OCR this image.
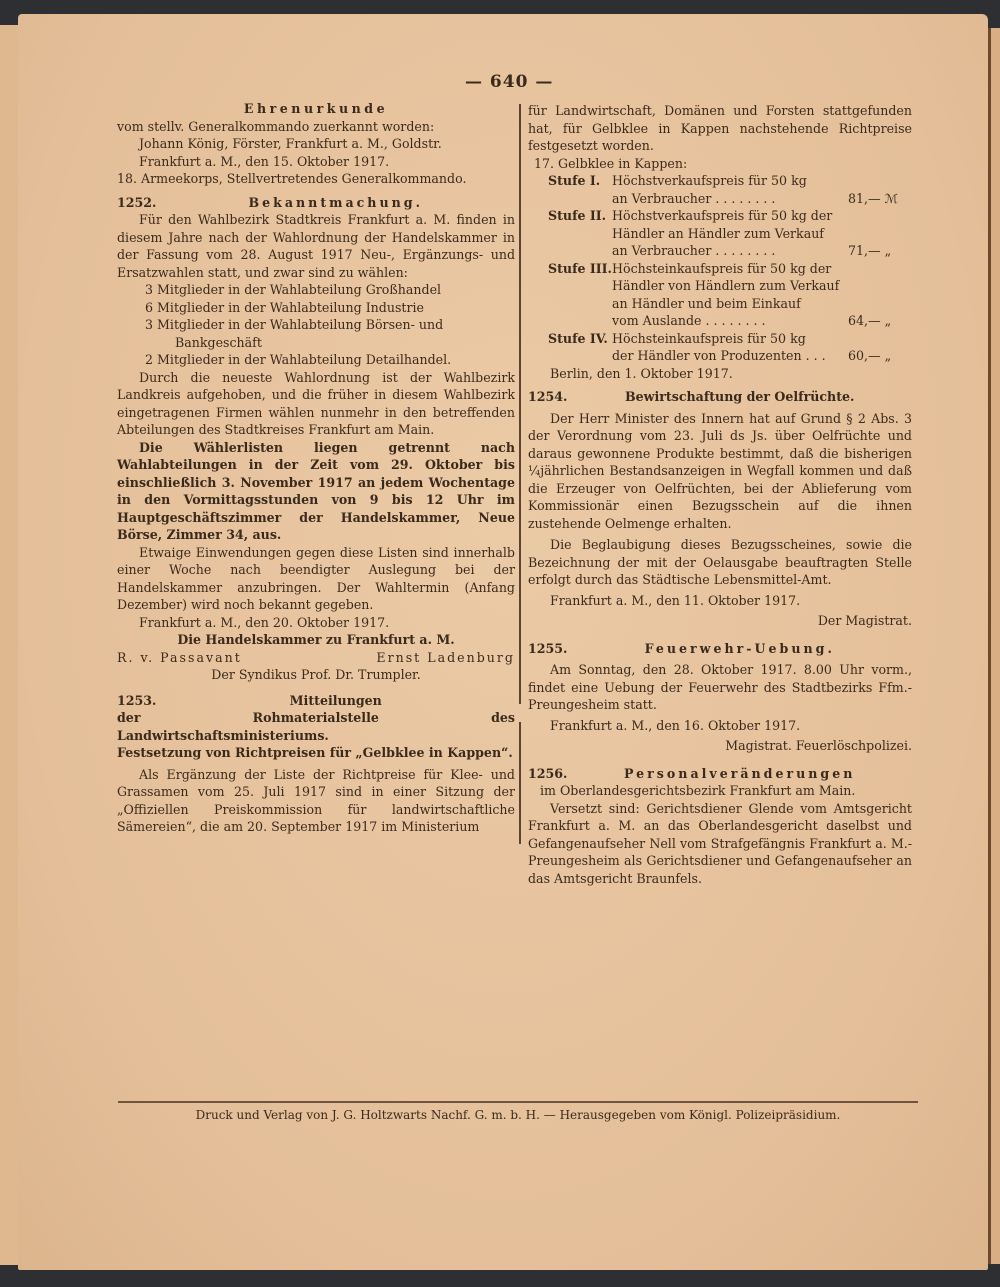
— 640 —

Ehrenurkunde

vom stellv. Generalkommando zuerkannt worden:

Johann König, Förster, Frankfurt a. M., Goldstr.

Frankfurt a. M., den 15. Oktober 1917.

18. Armeekorps, Stellvertretendes Generalkommando.

1252.	Bekanntmachung.

Für den Wahlbezirk Stadtkreis Frankfurt a. M. finden in diesem Jahre nach der Wahlordnung der Handelskammer in der Fassung vom 28. August 1917 Neu-, Ergänzungs- und Ersatzwahlen statt, und zwar sind zu wählen:

3 Mitglieder in der Wahlabteilung Großhandel

6 Mitglieder in der Wahlabteilung Industrie

3 Mitglieder in der Wahlabteilung Börsen- und

Bankgeschäft

2 Mitglieder in der Wahlabteilung Detailhandel.

Durch die neueste Wahlordnung ist der Wahlbezirk Landkreis aufgehoben, und die früher in diesem Wahlbezirk eingetragenen Firmen wählen nunmehr in den betreffenden Abteilungen des Stadtkreises Frankfurt am Main.

Die Wählerlisten liegen getrennt nach Wahlabteilungen in der Zeit vom 29. Oktober bis einschließlich 3. November 1917 an jedem Wochentage in den Vormittagsstunden von 9 bis 12 Uhr im Hauptgeschäftszimmer der Handelskammer, Neue Börse, Zimmer 34, aus.

Etwaige Einwendungen gegen diese Listen sind innerhalb einer Woche nach beendigter Auslegung bei der Handelskammer anzubringen. Der Wahltermin (Anfang Dezember) wird noch bekannt gegeben.

Frankfurt a. M., den 20. Oktober 1917.

Die Handelskammer zu Frankfurt a. M.

R. v. Passavant	Ernst Ladenburg

Der Syndikus Prof. Dr. Trumpler.

1253.	Mitteilungen

der Rohmaterialstelle des Landwirtschaftsministeriums.

Festsetzung von Richtpreisen für „Gelbklee in Kappen“.

Als Ergänzung der Liste der Richtpreise für Klee- und Grassamen vom 25. Juli 1917 sind in einer Sitzung der „Offiziellen Preiskommission für landwirtschaftliche Sämereien“, die am 20. September 1917 im Ministerium

für Landwirtschaft, Domänen und Forsten stattgefunden hat, für Gelbklee in Kappen nachstehende Richtpreise festgesetzt worden.

17. Gelbklee in Kappen:

Stufe I. Höchstverkaufspreis für 50 kg
an Verbraucher . . . . . . . .	81,— ℳ
Stufe II. Höchstverkaufspreis für 50 kg der Händler an Händler zum Verkauf
an Verbraucher . . . . . . . .	71,— „
Stufe III. Höchsteinkaufspreis für 50 kg der Händler von Händlern zum Verkauf an Händler und beim Einkauf
vom Auslande . . . . . . . .	64,— „
Stufe IV. Höchsteinkaufspreis für 50 kg
der Händler von Produzenten . . .	60,— „

Berlin, den 1. Oktober 1917.

1254.	Bewirtschaftung der Oelfrüchte.

Der Herr Minister des Innern hat auf Grund § 2 Abs. 3 der Verordnung vom 23. Juli ds Js. über Oelfrüchte und daraus gewonnene Produkte bestimmt, daß die bisherigen ¼jährlichen Bestandsanzeigen in Wegfall kommen und daß die Erzeuger von Oelfrüchten, bei der Ablieferung vom Kommissionär einen Bezugsschein auf die ihnen zustehende Oelmenge erhalten.

Die Beglaubigung dieses Bezugsscheines, sowie die Bezeichnung der mit der Oelausgabe beauftragten Stelle erfolgt durch das Städtische Lebensmittel-Amt.

Frankfurt a. M., den 11. Oktober 1917.

Der Magistrat.

1255.	Feuerwehr-Uebung.

Am Sonntag, den 28. Oktober 1917. 8.00 Uhr vorm., findet eine Uebung der Feuerwehr des Stadtbezirks Ffm.-Preungesheim statt.

Frankfurt a. M., den 16. Oktober 1917.

Magistrat. Feuerlöschpolizei.

1256.	Personalveränderungen

im Oberlandesgerichtsbezirk Frankfurt am Main.

Versetzt sind: Gerichtsdiener Glende vom Amtsgericht Frankfurt a. M. an das Oberlandesgericht daselbst und Gefangenaufseher Nell vom Strafgefängnis Frankfurt a. M.-Preungesheim als Gerichtsdiener und Gefangenaufseher an das Amtsgericht Braunfels.

Druck und Verlag von J. G. Holtzwarts Nachf. G. m. b. H. — Herausgegeben vom Königl. Polizeipräsidium.
